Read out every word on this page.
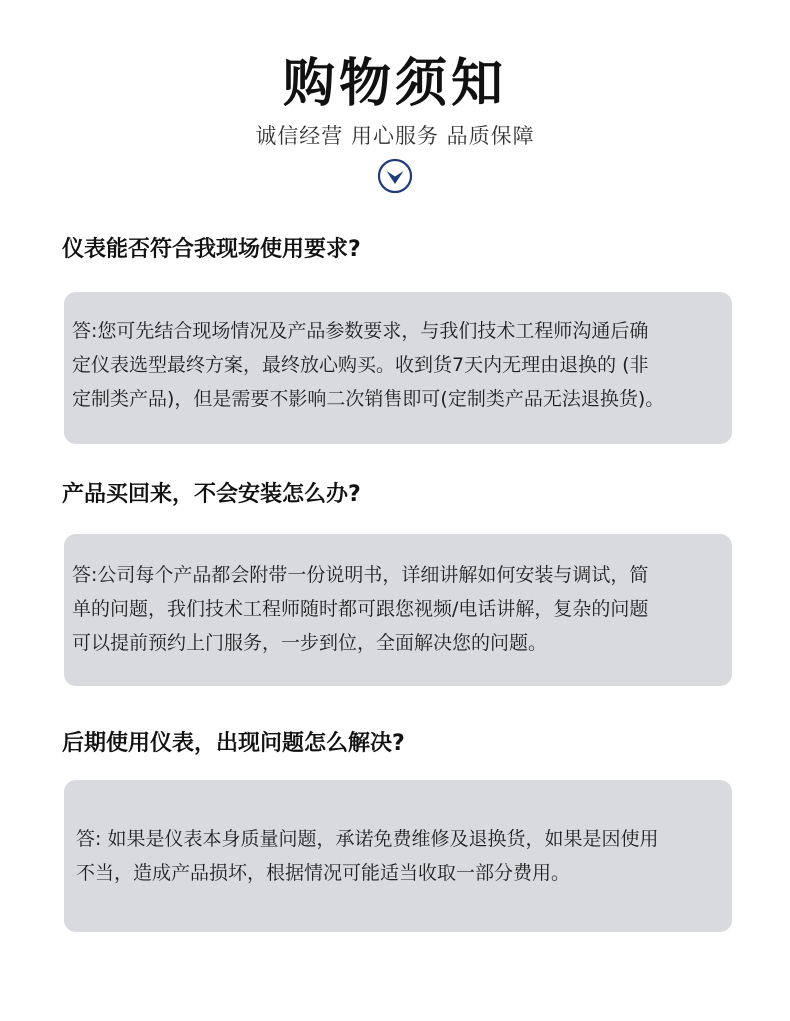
购物须知
诚信经营 用心服务 品质保障
仪表能否符合我现场使用要求?
答:您可先结合现场情况及产品参数要求，与我们技术工程师沟通后确
定仪表选型最终方案，最终放心购买。收到货7天内无理由退换的 (非
定制类产品)，但是需要不影响二次销售即可(定制类产品无法退换货)。
产品买回来，不会安装怎么办?
答:公司每个产品都会附带一份说明书，详细讲解如何安装与调试，简
单的问题，我们技术工程师随时都可跟您视频/电话讲解，复杂的问题
可以提前预约上门服务，一步到位，全面解决您的问题。
后期使用仪表，出现问题怎么解决?
答: 如果是仪表本身质量问题，承诺免费维修及退换货，如果是因使用
不当，造成产品损坏，根据情况可能适当收取一部分费用。
